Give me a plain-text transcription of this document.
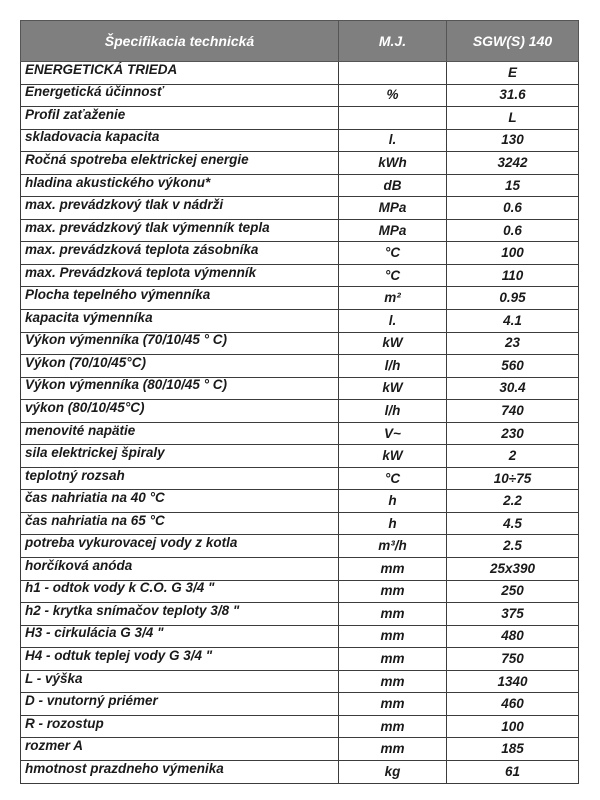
Špecifikacia technická	M.J.	SGW(S) 140
ENERGETICKÁ TRIEDA		E
Energetická účinnosť	%	31.6
Profil zaťaženie		L
skladovacia kapacita	l.	130
Ročná spotreba elektrickej energie	kWh	3242
hladina akustického výkonu*	dB	15
max. prevádzkový tlak v nádrži	MPa	0.6
max. prevádzkový tlak výmenník tepla	MPa	0.6
max. prevádzková teplota zásobníka	°C	100
max. Prevádzková teplota výmenník	°C	110
Plocha tepelného výmenníka	m²	0.95
kapacita výmenníka	l.	4.1
Výkon výmenníka (70/10/45 ° C)	kW	23
Výkon (70/10/45°C)	l/h	560
Výkon výmenníka (80/10/45 ° C)	kW	30.4
výkon (80/10/45°C)	l/h	740
menovité napätie	V~	230
sila elektrickej špiraly	kW	2
teplotný rozsah	°C	10÷75
čas nahriatia na 40 °C	h	2.2
čas nahriatia na 65 °C	h	4.5
potreba vykurovacej vody z kotla	m³/h	2.5
horčíková anóda	mm	25x390
h1 - odtok vody k C.O. G 3/4 "	mm	250
h2 - krytka snímačov teploty 3/8 "	mm	375
H3 - cirkulácia G 3/4 "	mm	480
H4 - odtuk teplej vody G 3/4 "	mm	750
L - výška	mm	1340
D - vnutorný priémer	mm	460
R - rozostup	mm	100
rozmer A	mm	185
hmotnost prazdneho výmenika	kg	61
